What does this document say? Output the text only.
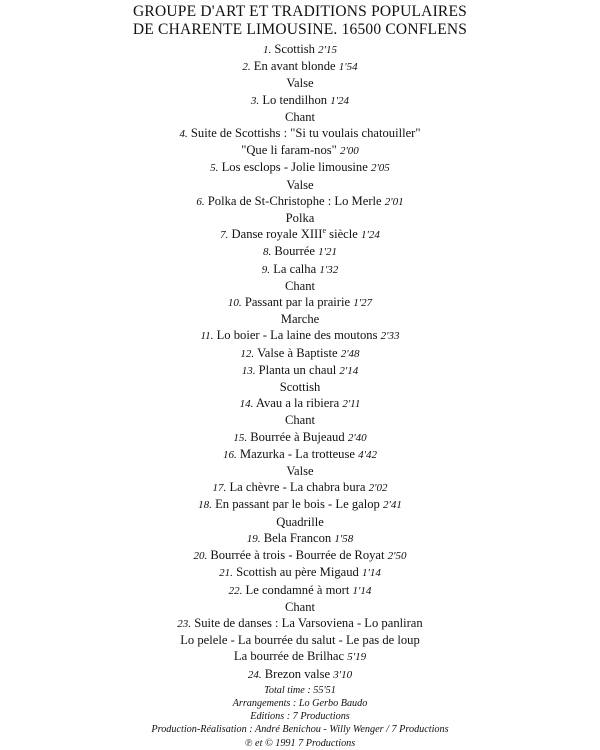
GROUPE D'ART ET TRADITIONS POPULAIRES
DE CHARENTE LIMOUSINE. 16500 CONFLENS
1. Scottish 2'15
2. En avant blonde 1'54
Valse
3. Lo tendilhon 1'24
Chant
4. Suite de Scottishs : "Si tu voulais chatouiller"
"Que li faram-nos" 2'00
5. Los esclops - Jolie limousine 2'05
Valse
6. Polka de St-Christophe : Lo Merle 2'01
Polka
7. Danse royale XIIIe siècle 1'24
8. Bourrée 1'21
9. La calha 1'32
Chant
10. Passant par la prairie 1'27
Marche
11. Lo boier - La laine des moutons 2'33
12. Valse à Baptiste 2'48
13. Planta un chaul 2'14
Scottish
14. Avau a la ribiera 2'11
Chant
15. Bourrée à Bujeaud 2'40
16. Mazurka - La trotteuse 4'42
Valse
17. La chèvre - La chabra bura 2'02
18. En passant par le bois - Le galop 2'41
Quadrille
19. Bela Francon 1'58
20. Bourrée à trois - Bourrée de Royat 2'50
21. Scottish au père Migaud 1'14
22. Le condamné à mort 1'14
Chant
23. Suite de danses : La Varsoviena - Lo panliran
Lo pelele - La bourrée du salut - Le pas de loup
La bourrée de Brilhac 5'19
24. Brezon valse 3'10
Total time : 55'51
Arrangements : Lo Gerbo Baudo
Editions : 7 Productions
Production-Réalisation : André Benichou - Willy Wenger / 7 Productions
℗ et © 1991 7 Productions
